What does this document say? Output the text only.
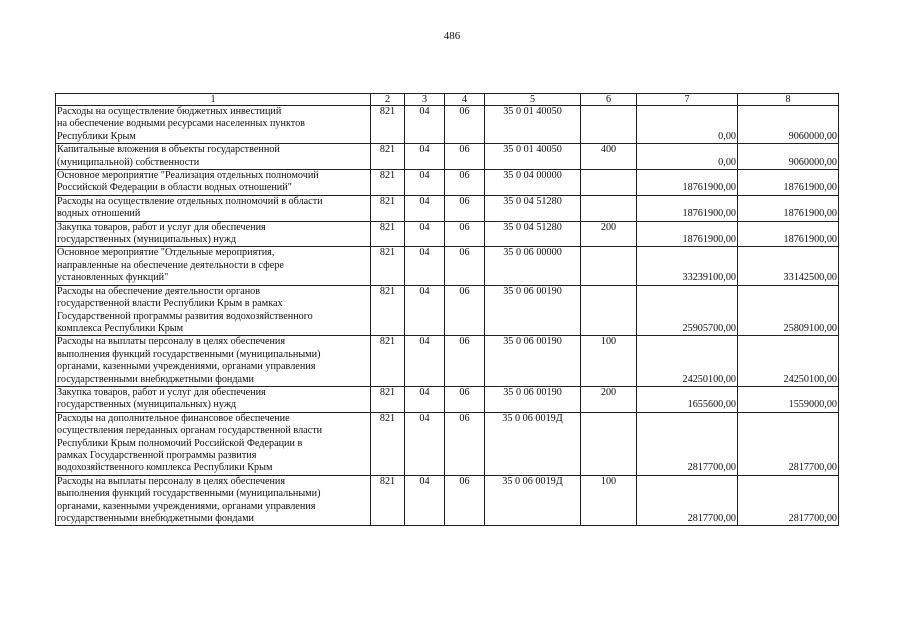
486
1	2	3	4	5	6	7	8

Расходы на осуществление бюджетных инвестиций
на обеспечение водными ресурсами населенных пунктов
Республики Крым	821	04	06	35 0 01 40050		0,00	9060000,00

Капитальные вложения в объекты государственной
(муниципальной) собственности	821	04	06	35 0 01 40050	400	0,00	9060000,00

Основное мероприятие "Реализация отдельных полномочий
Российской Федерации в области водных отношений"	821	04	06	35 0 04 00000		18761900,00	18761900,00

Расходы на осуществление отдельных полномочий в области
водных отношений	821	04	06	35 0 04 51280		18761900,00	18761900,00

Закупка товаров, работ и услуг для обеспечения
государственных (муниципальных) нужд	821	04	06	35 0 04 51280	200	18761900,00	18761900,00

Основное мероприятие "Отдельные мероприятия,
направленные на обеспечение деятельности в сфере
установленных функций"	821	04	06	35 0 06 00000		33239100,00	33142500,00

Расходы на обеспечение деятельности органов
государственной власти Республики Крым в рамках
Государственной программы развития водохозяйственного
комплекса Республики Крым	821	04	06	35 0 06 00190		25905700,00	25809100,00

Расходы на выплаты персоналу в целях обеспечения
выполнения функций государственными (муниципальными)
органами, казенными учреждениями, органами управления
государственными внебюджетными фондами	821	04	06	35 0 06 00190	100	24250100,00	24250100,00

Закупка товаров, работ и услуг для обеспечения
государственных (муниципальных) нужд	821	04	06	35 0 06 00190	200	1655600,00	1559000,00

Расходы на дополнительное финансовое обеспечение
осуществления переданных органам государственной власти
Республики Крым полномочий Российской Федерации в
рамках Государственной программы развития
водохозяйственного комплекса Республики Крым	821	04	06	35 0 06 0019Д		2817700,00	2817700,00

Расходы на выплаты персоналу в целях обеспечения
выполнения функций государственными (муниципальными)
органами, казенными учреждениями, органами управления
государственными внебюджетными фондами	821	04	06	35 0 06 0019Д	100	2817700,00	2817700,00
